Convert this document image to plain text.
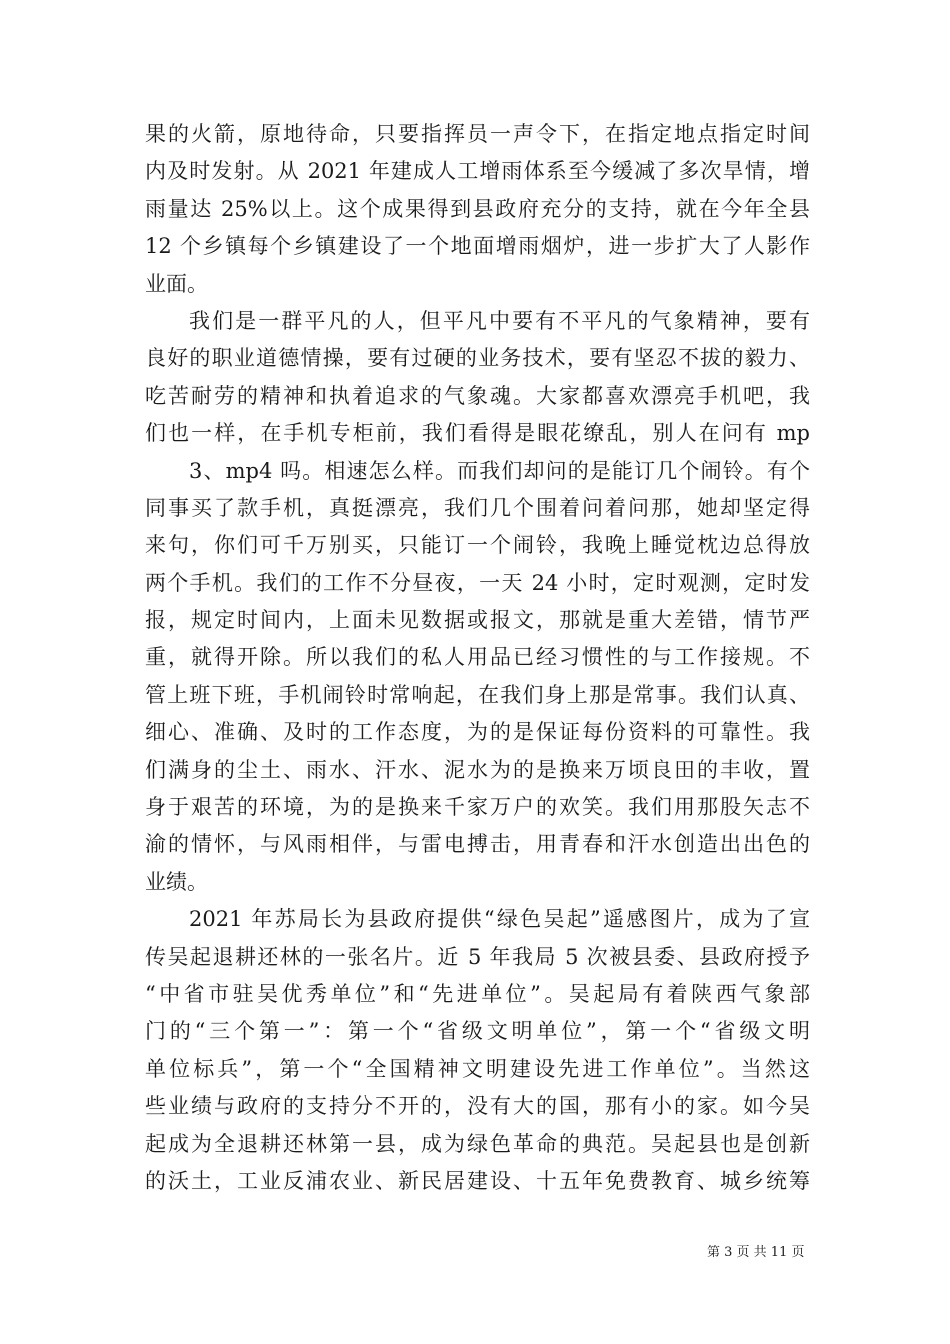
果的火箭，原地待命，只要指挥员一声令下，在指定地点指定时间
内及时发射。从 2021 年建成人工增雨体系至今缓减了多次旱情，增
雨量达 25%以上。这个成果得到县政府充分的支持，就在今年全县
12 个乡镇每个乡镇建设了一个地面增雨烟炉，进一步扩大了人影作
业面。
我们是一群平凡的人，但平凡中要有不平凡的气象精神，要有
良好的职业道德情操，要有过硬的业务技术，要有坚忍不拔的毅力、
吃苦耐劳的精神和执着追求的气象魂。大家都喜欢漂亮手机吧，我
们也一样，在手机专柜前，我们看得是眼花缭乱，别人在问有 mp
3、mp4 吗。相速怎么样。而我们却问的是能订几个闹铃。有个
同事买了款手机，真挺漂亮，我们几个围着问着问那，她却坚定得
来句，你们可千万别买，只能订一个闹铃，我晚上睡觉枕边总得放
两个手机。我们的工作不分昼夜，一天 24 小时，定时观测，定时发
报，规定时间内，上面未见数据或报文，那就是重大差错，情节严
重，就得开除。所以我们的私人用品已经习惯性的与工作接规。不
管上班下班，手机闹铃时常响起，在我们身上那是常事。我们认真、
细心、准确、及时的工作态度，为的是保证每份资料的可靠性。我
们满身的尘土、雨水、汗水、泥水为的是换来万顷良田的丰收，置
身于艰苦的环境，为的是换来千家万户的欢笑。我们用那股矢志不
渝的情怀，与风雨相伴，与雷电搏击，用青春和汗水创造出出色的
业绩。
2021 年苏局长为县政府提供“绿色吴起”遥感图片，成为了宣
传吴起退耕还林的一张名片。近 5 年我局 5 次被县委、县政府授予
“中省市驻吴优秀单位”和“先进单位”。吴起局有着陕西气象部
门的“三个第一”：第一个“省级文明单位”，第一个“省级文明
单位标兵”，第一个“全国精神文明建设先进工作单位”。当然这
些业绩与政府的支持分不开的，没有大的国，那有小的家。如今吴
起成为全退耕还林第一县，成为绿色革命的典范。吴起县也是创新
的沃土，工业反浦农业、新民居建设、十五年免费教育、城乡统筹
第 3 页 共 11 页
